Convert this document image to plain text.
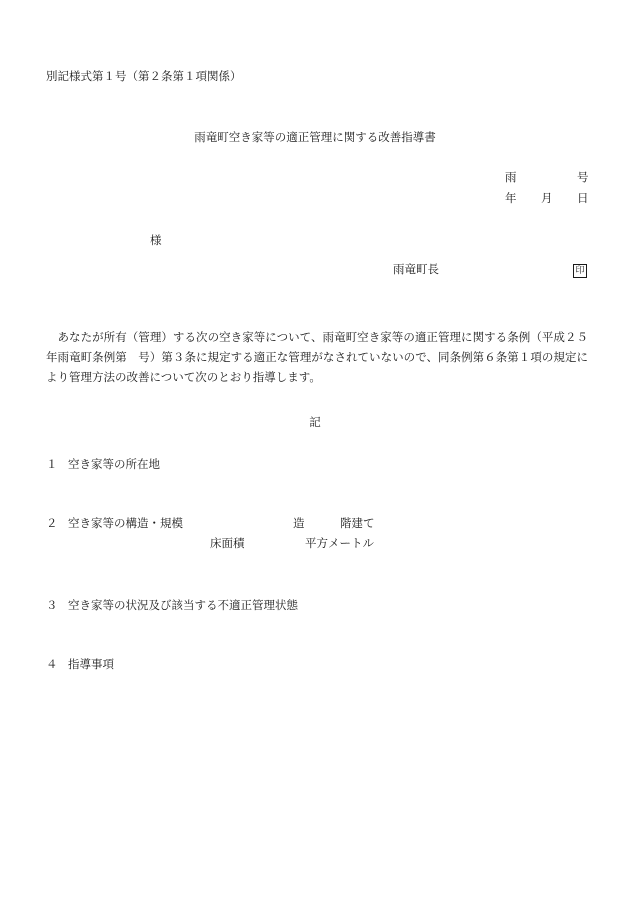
別記様式第１号（第２条第１項関係）
雨竜町空き家等の適正管理に関する改善指導書
雨	号
年 月 日
様
雨竜町長	印
あなたが所有（管理）する次の空き家等について、雨竜町空き家等の適正管理に関する条例（平成２５年雨竜町条例第　号）第３条に規定する適正な管理がなされていないので、同条例第６条第１項の規定により管理方法の改善について次のとおり指導します。
記
１ 空き家等の所在地
２ 空き家等の構造・規模	造	階建て
床面積	平方メートル
３ 空き家等の状況及び該当する不適正管理状態
４ 指導事項
